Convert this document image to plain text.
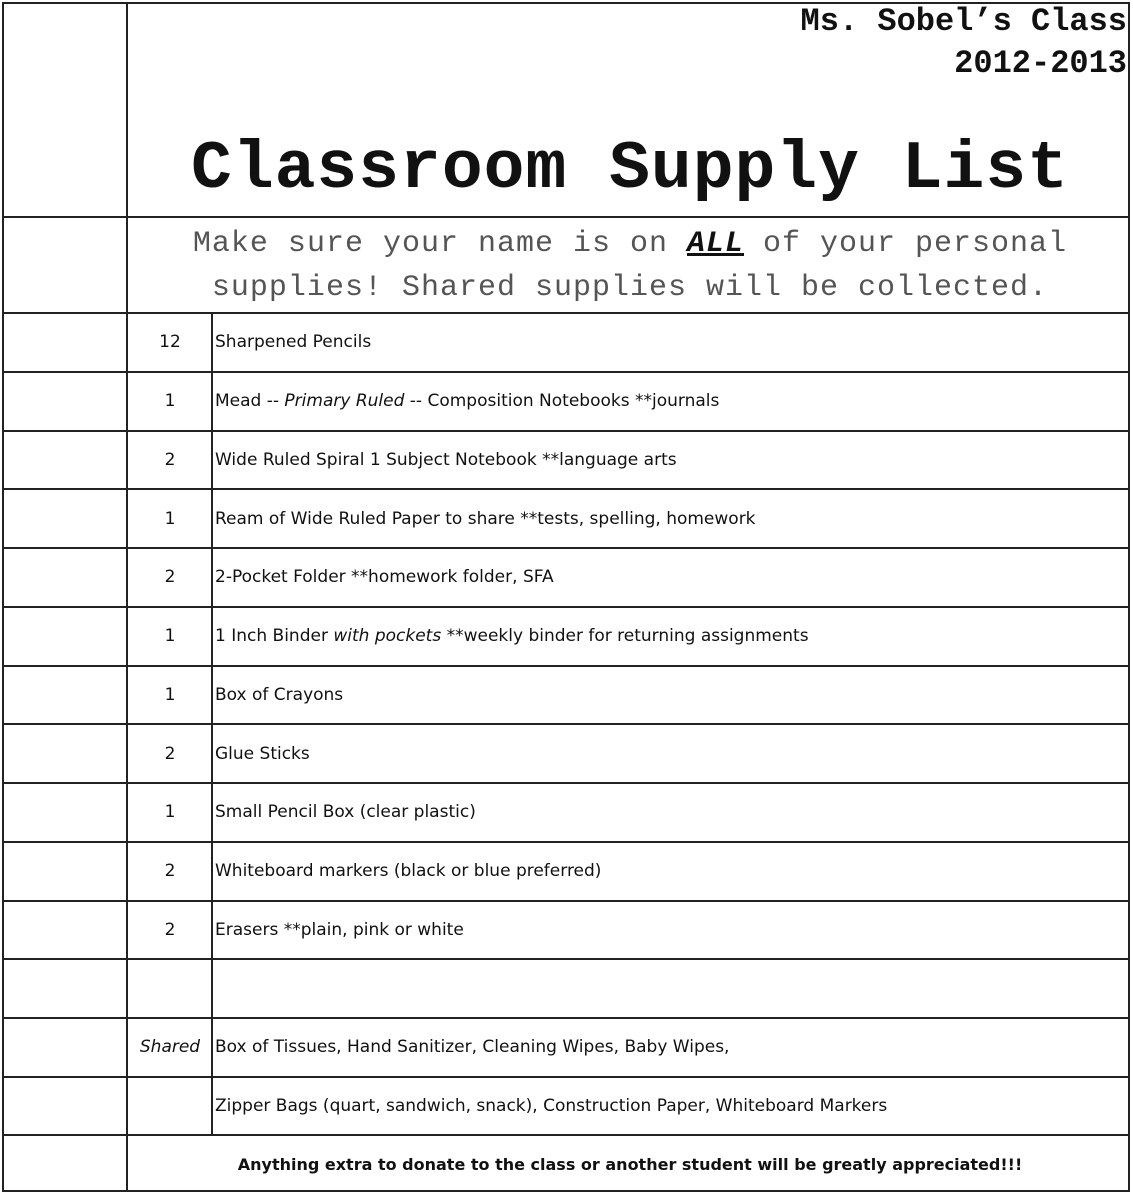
Ms. Sobel’s Class
2012-2013
Classroom Supply List
Make sure your name is on ALL of your personal
supplies! Shared supplies will be collected.
12	Sharpened Pencils
1	Mead -- Primary Ruled -- Composition Notebooks **journals
2	Wide Ruled Spiral 1 Subject Notebook **language arts
1	Ream of Wide Ruled Paper to share **tests, spelling, homework
2	2-Pocket Folder **homework folder, SFA
1	1 Inch Binder with pockets **weekly binder for returning assignments
1	Box of Crayons
2	Glue Sticks
1	Small Pencil Box (clear plastic)
2	Whiteboard markers (black or blue preferred)
2	Erasers **plain, pink or white
Shared Box of Tissues, Hand Sanitizer, Cleaning Wipes, Baby Wipes,
Zipper Bags (quart, sandwich, snack), Construction Paper, Whiteboard Markers
Anything extra to donate to the class or another student will be greatly appreciated!!!
